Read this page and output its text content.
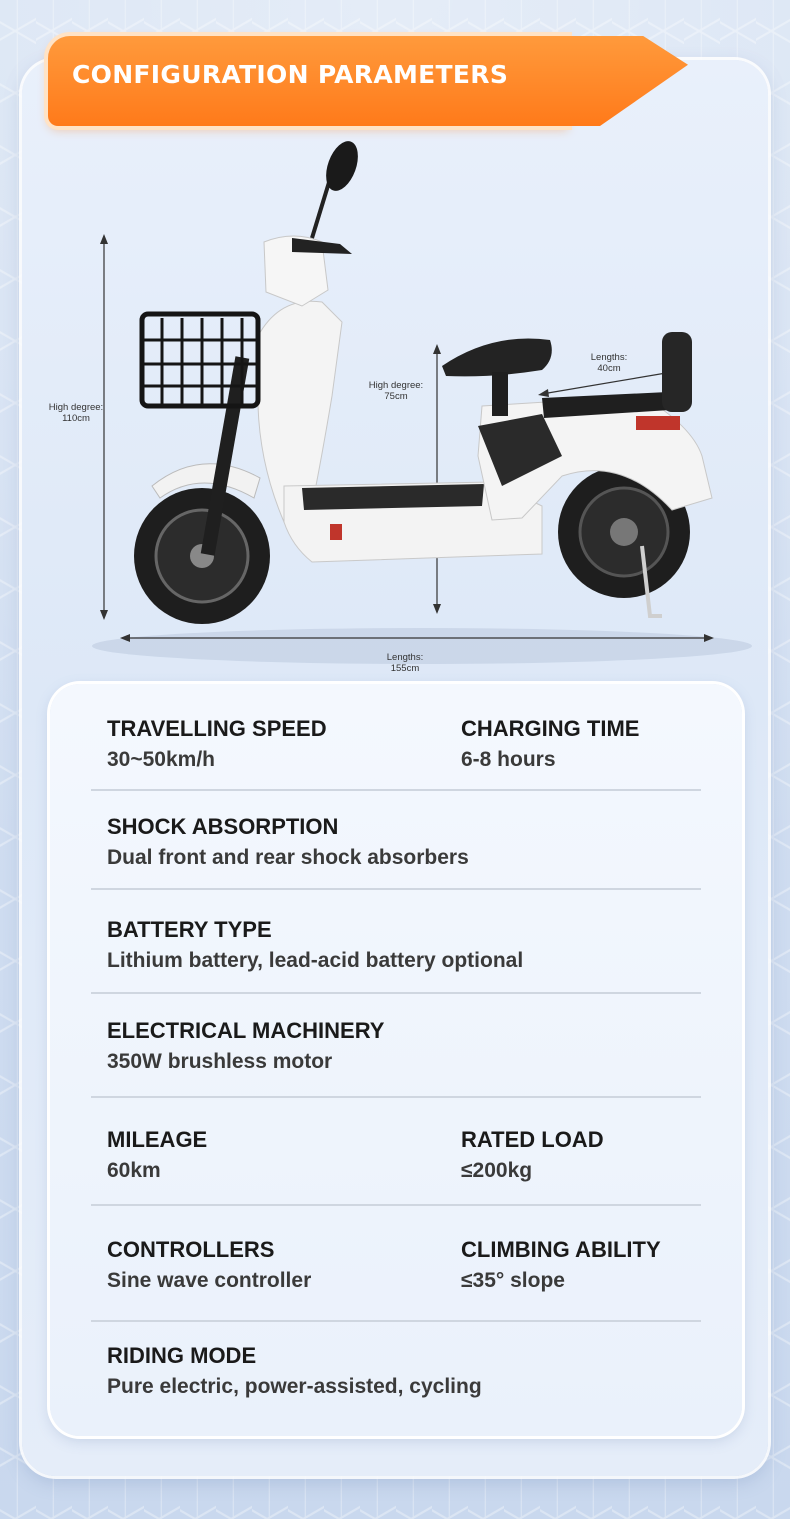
CONFIGURATION PARAMETERS
High degree:
110cm
High degree:
75cm
Lengths:
40cm
Lengths:
155cm
TRAVELLING SPEED
30~50km/h
CHARGING TIME
6-8 hours
SHOCK ABSORPTION
Dual front and rear shock absorbers
BATTERY TYPE
Lithium battery, lead-acid battery optional
ELECTRICAL MACHINERY
350W brushless motor
MILEAGE
60km
RATED LOAD
≤200kg
CONTROLLERS
Sine wave controller
CLIMBING ABILITY
≤35° slope
RIDING MODE
Pure electric, power-assisted, cycling
